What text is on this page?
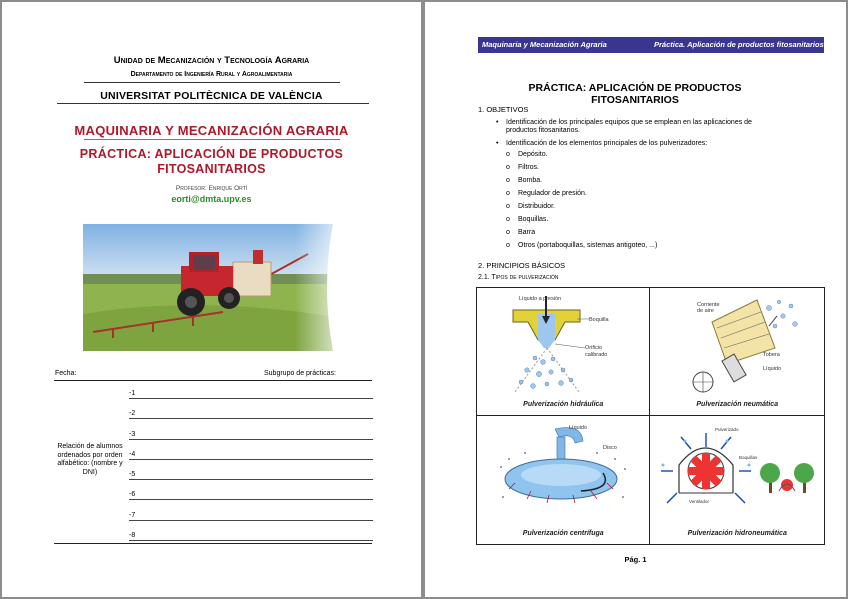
Unidad de Mecanización y Tecnología Agraria
Departamento de Ingeniería Rural y Agroalimentaria
UNIVERSITAT POLITÈCNICA DE VALÈNCIA
MAQUINARIA Y MECANIZACIÓN AGRARIA
PRÁCTICA: APLICACIÓN DE PRODUCTOS
FITOSANITARIOS
Profesor: Enrique Ortí
eorti@dmta.upv.es
Fecha:	Subgrupo de prácticas:
Relación de alumnos ordenados por orden alfabético: (nombre y DNI)
-1
-2
-3
-4
-5
-6
-7
-8
Maquinaria y Mecanización Agraria	Práctica. Aplicación de productos fitosanitarios
PRÁCTICA: APLICACIÓN DE PRODUCTOS
FITOSANITARIOS
1. OBJETIVOS
• Identificación de los principales equipos que se emplean en las aplicaciones de
productos fitosanitarios.
• Identificación de los elementos principales de los pulverizadores:
o Depósito.
o Filtros.
o Bomba.
o Regulador de presión.
o Distribuidor.
o Boquillas.
o Barra
o Otros (portaboquillas, sistemas antigoteo, ...)
2. PRINCIPIOS BÁSICOS
2.1. Tipos de pulverización
Boquilla
Líquido a presión
Orificio
calibrado
Pulverización hidráulica
Corriente
de aire
Tobera
Líquido
Pulverización neumática
Líquido
Disco
Pulverización centrífuga
Pulverizado
Boquillas
Ventilador
Pulverización hidroneumática
Pág. 1
